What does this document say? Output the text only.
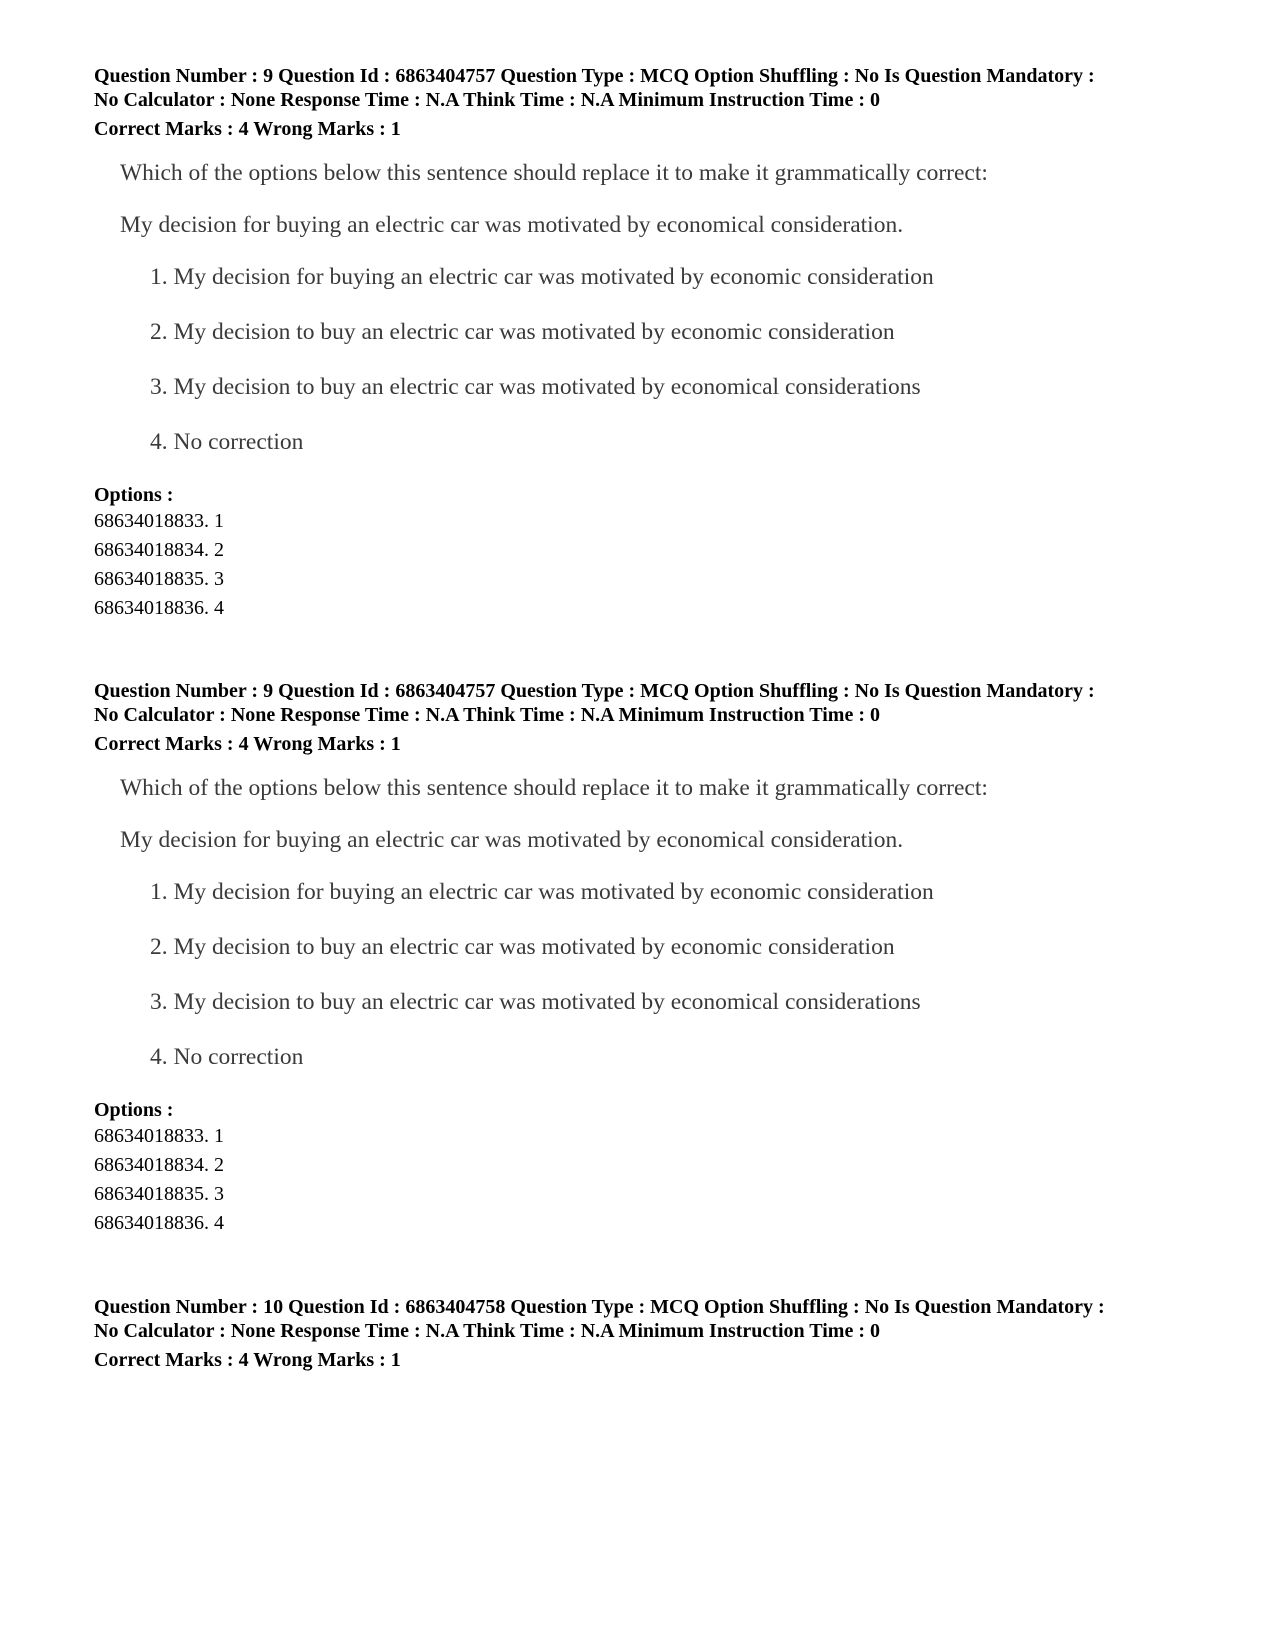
Question Number : 9 Question Id : 6863404757 Question Type : MCQ Option Shuffling : No Is Question Mandatory :
No Calculator : None Response Time : N.A Think Time : N.A Minimum Instruction Time : 0
Correct Marks : 4 Wrong Marks : 1
Which of the options below this sentence should replace it to make it grammatically correct:
My decision for buying an electric car was motivated by economical consideration.
1. My decision for buying an electric car was motivated by economic consideration
2. My decision to buy an electric car was motivated by economic consideration
3. My decision to buy an electric car was motivated by economical considerations
4. No correction
Options :
68634018833. 1
68634018834. 2
68634018835. 3
68634018836. 4
Question Number : 9 Question Id : 6863404757 Question Type : MCQ Option Shuffling : No Is Question Mandatory :
No Calculator : None Response Time : N.A Think Time : N.A Minimum Instruction Time : 0
Correct Marks : 4 Wrong Marks : 1
Which of the options below this sentence should replace it to make it grammatically correct:
My decision for buying an electric car was motivated by economical consideration.
1. My decision for buying an electric car was motivated by economic consideration
2. My decision to buy an electric car was motivated by economic consideration
3. My decision to buy an electric car was motivated by economical considerations
4. No correction
Options :
68634018833. 1
68634018834. 2
68634018835. 3
68634018836. 4
Question Number : 10 Question Id : 6863404758 Question Type : MCQ Option Shuffling : No Is Question Mandatory :
No Calculator : None Response Time : N.A Think Time : N.A Minimum Instruction Time : 0
Correct Marks : 4 Wrong Marks : 1
